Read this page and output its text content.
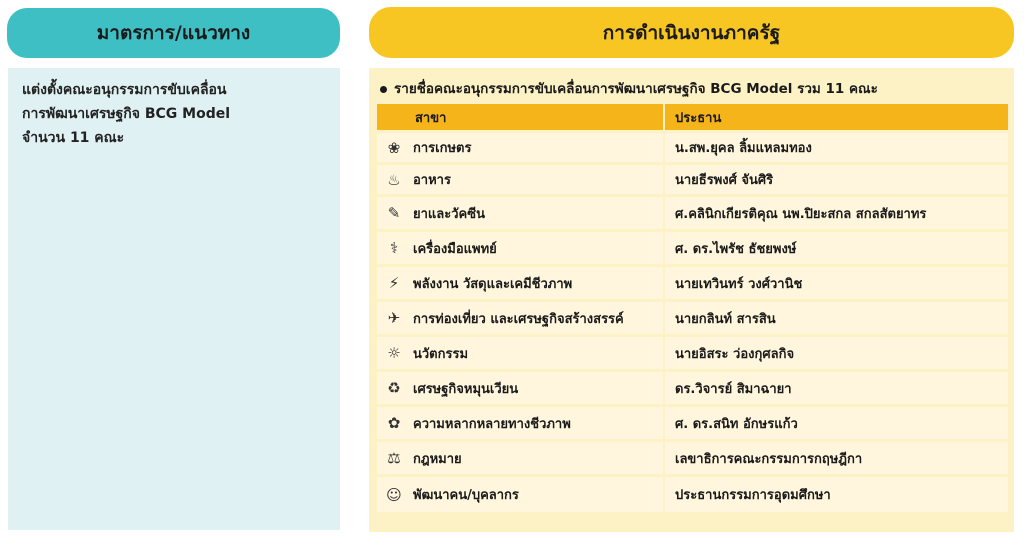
มาตรการ/แนวทาง
แต่งตั้งคณะอนุกรรมการขับเคลื่อน
การพัฒนาเศรษฐกิจ BCG Model
จำนวน 11 คณะ
การดำเนินงานภาครัฐ
รายชื่อคณะอนุกรรมการขับเคลื่อนการพัฒนาเศรษฐกิจ BCG Model รวม 11 คณะ
สาขา	ประธาน
❀ การเกษตร	น.สพ.ยุคล ลิ้มแหลมทอง
♨ อาหาร	นายธีรพงศ์ จันศิริ
✎ ยาและวัคซีน	ศ.คลินิกเกียรติคุณ นพ.ปิยะสกล สกลสัตยาทร
⚕	เครื่องมือแพทย์	ศ. ดร.ไพรัช ธัชยพงษ์
⚡	พลังงาน วัสดุและเคมีชีวภาพ	นายเทวินทร์ วงศ์วานิช
✈ การท่องเที่ยว และเศรษฐกิจสร้างสรรค์	นายกลินท์ สารสิน
☼ นวัตกรรม	นายอิสระ ว่องกุศลกิจ
♻ เศรษฐกิจหมุนเวียน	ดร.วิจารย์ สิมาฉายา
✿ ความหลากหลายทางชีวภาพ	ศ. ดร.สนิท อักษรแก้ว
⚖ กฎหมาย	เลขาธิการคณะกรรมการกฤษฎีกา
☺ พัฒนาคน/บุคลากร	ประธานกรรมการอุดมศึกษา
